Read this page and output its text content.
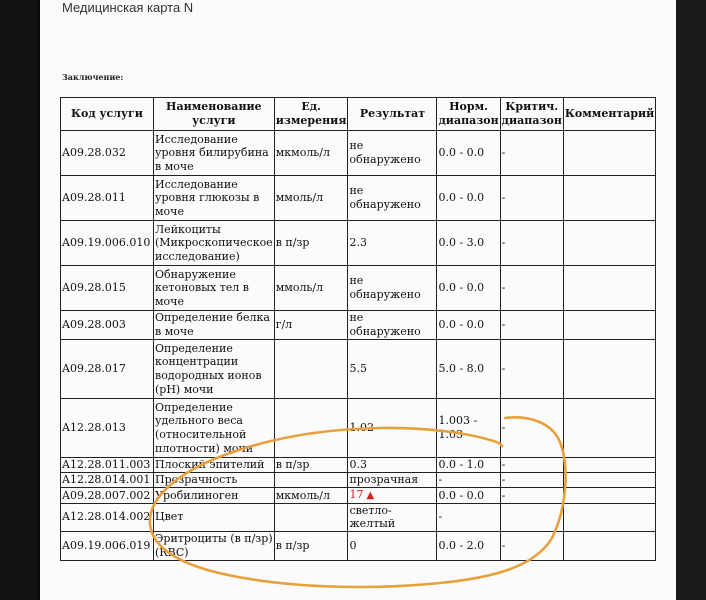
Медицинская карта N
Заключение:
Код услуги	Наименование услуги	Ед. измерения	Результат	Норм. диапазон	Критич. диапазон	Комментарий
A09.28.032	Исследование уровня билирубина в моче	мкмоль/л	не обнаружено	0.0 - 0.0	-	
A09.28.011	Исследование уровня глюкозы в моче	ммоль/л	не обнаружено	0.0 - 0.0	-	
A09.19.006.010	Лейкоциты (Микроскопическое исследование)	в п/зр	2.3	0.0 - 3.0	-	
A09.28.015	Обнаружение кетоновых тел в моче	ммоль/л	не обнаружено	0.0 - 0.0	-	
A09.28.003	Определение белка в моче	г/л	не обнаружено	0.0 - 0.0	-	
A09.28.017	Определение концентрации водородных ионов (pH) мочи		5.5	5.0 - 8.0	-	
A12.28.013	Определение удельного веса (относительной плотности) мочи		1.02	1.003 - 1.03	-	
A12.28.011.003	Плоский эпителий	в п/зр	0.3	0.0 - 1.0	-	
A12.28.014.001	Прозрачность		прозрачная	-	-	
A09.28.007.002	Уробилиноген	мкмоль/л	17 ▲	0.0 - 0.0	-	
A12.28.014.002	Цвет		светло-желтый	-		
A09.19.006.019	Эритроциты (в п/зр) (RBC)	в п/зр	0	0.0 - 2.0	-	
